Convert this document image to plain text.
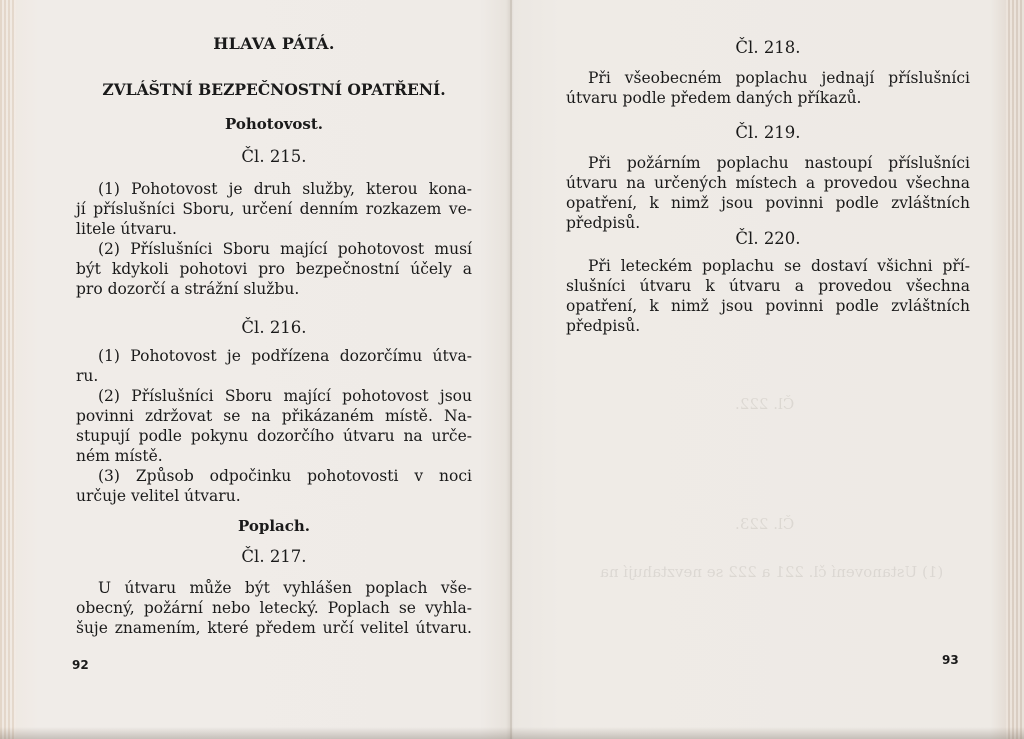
Čl. 222.
Čl. 223.
(1) Ustanovení čl. 221 a 222 se nevztahují na
HLAVA PÁTÁ.
ZVLÁŠTNÍ BEZPEČNOSTNÍ OPATŘENÍ.
Pohotovost.
Čl. 215.
(1) Pohotovost je druh služby, kterou kona-
jí příslušníci Sboru, určení denním rozkazem ve-
litele útvaru.
(2) Příslušníci Sboru mající pohotovost musí
být kdykoli pohotovi pro bezpečnostní účely a
pro dozorčí a strážní službu.
Čl. 216.
(1) Pohotovost je podřízena dozorčímu útva-
ru.
(2) Příslušníci Sboru mající pohotovost jsou
povinni zdržovat se na přikázaném místě. Na-
stupují podle pokynu dozorčího útvaru na urče-
ném místě.
(3) Způsob odpočinku pohotovosti v noci
určuje velitel útvaru.
Poplach.
Čl. 217.
U útvaru může být vyhlášen poplach vše-
obecný, požární nebo letecký. Poplach se vyhla-
šuje znamením, které předem určí velitel útvaru.
92
Čl. 218.
Při všeobecném poplachu jednají příslušníci
útvaru podle předem daných příkazů.
Čl. 219.
Při požárním poplachu nastoupí příslušníci
útvaru na určených místech a provedou všechna
opatření, k nimž jsou povinni podle zvláštních
předpisů.
Čl. 220.
Při leteckém poplachu se dostaví všichni pří-
slušníci útvaru k útvaru a provedou všechna
opatření, k nimž jsou povinni podle zvláštních
předpisů.
93
